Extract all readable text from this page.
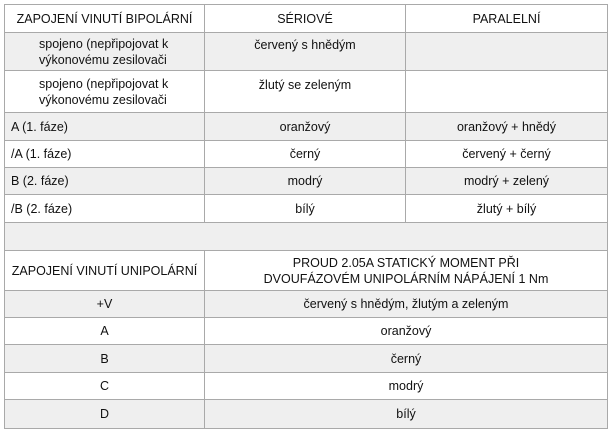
ZAPOJENÍ VINUTÍ BIPOLÁRNÍ	SÉRIOVÉ	PARALELNÍ
spojeno (nepřipojovat k výkonovému zesilovači	červený s hnědým	
spojeno (nepřipojovat k výkonovému zesilovači	žlutý se zeleným	
A (1. fáze)	oranžový	oranžový + hnědý
/A (1. fáze)	černý	červený + černý
B (2. fáze)	modrý	modrý + zelený
/B (2. fáze)	bílý	žlutý + bílý

ZAPOJENÍ VINUTÍ UNIPOLÁRNÍ	PROUD 2.05A STATICKÝ MOMENT PŘI DVOUFÁZOVÉM UNIPOLÁRNÍM NÁPÁJENÍ 1 Nm	
+V	červený s hnědým, žlutým a zeleným	
A	oranžový	
B	černý	
C	modrý	
D	bílý	
